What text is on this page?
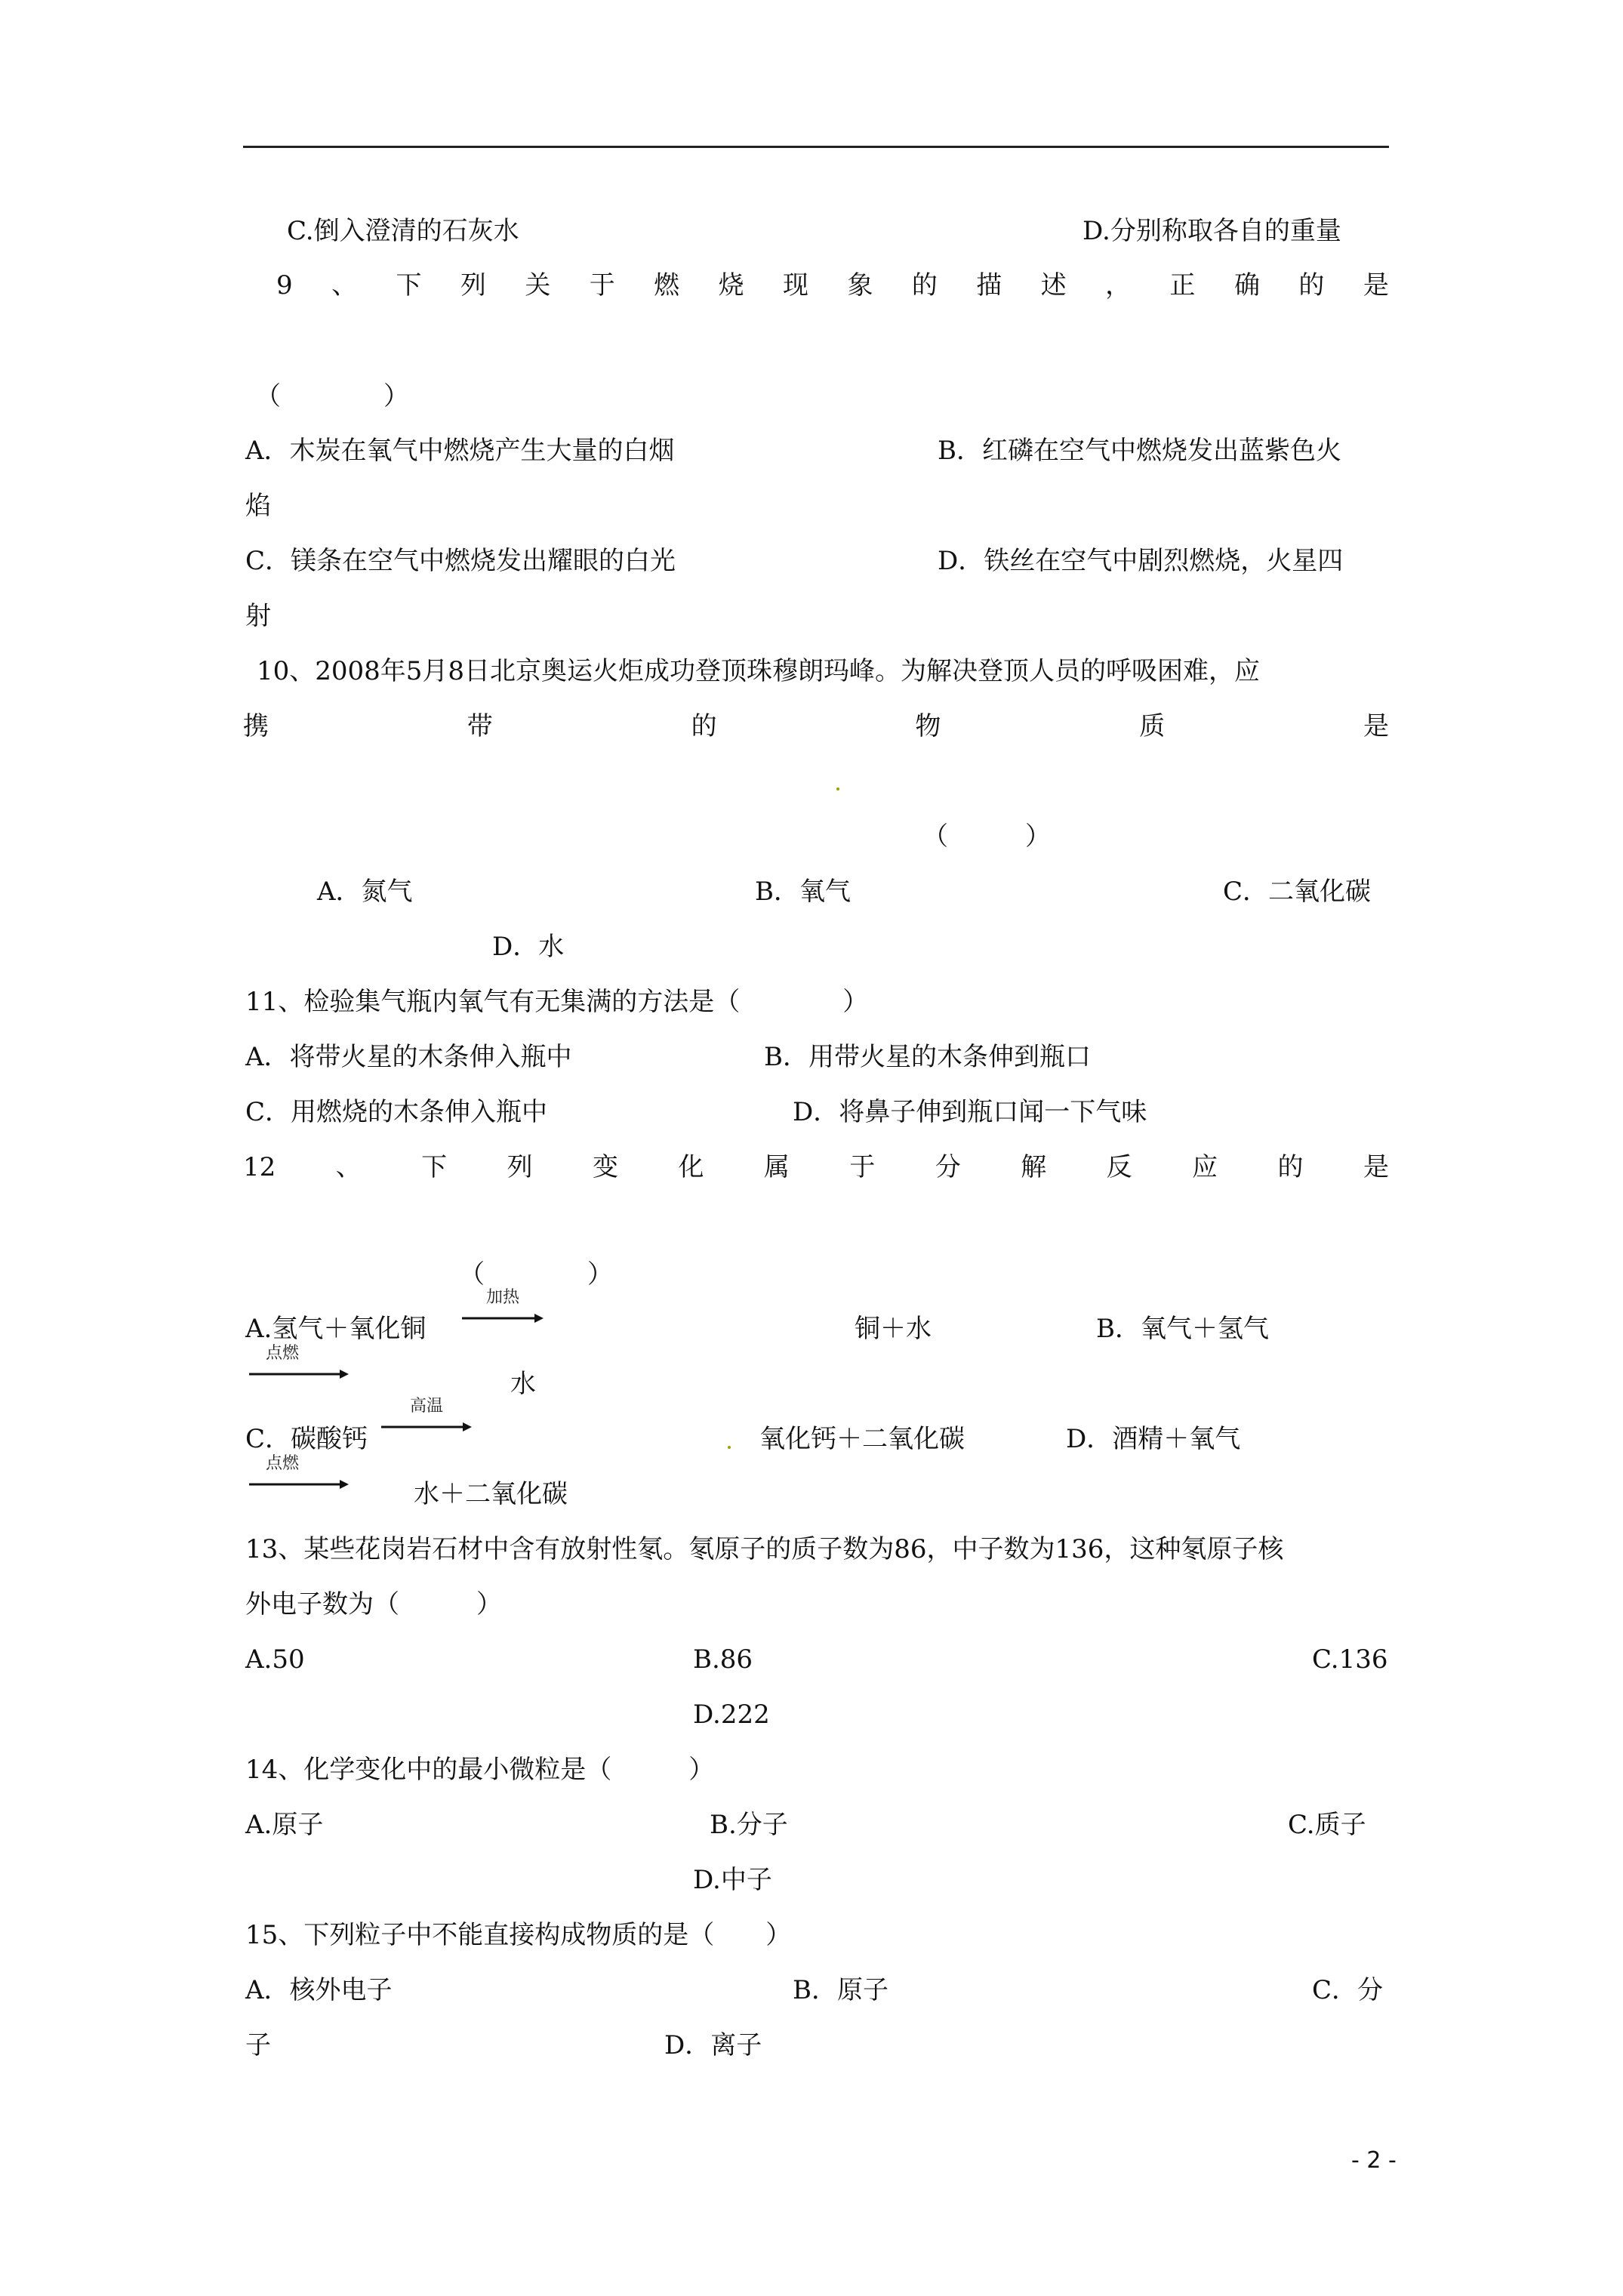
C.倒入澄清的石灰水	D.分别称取各自的重量
9 、 下 列 关 于 燃 烧 现 象 的 描 述 ， 正 确 的 是
（　　　　）
A．木炭在氧气中燃烧产生大量的白烟	B．红磷在空气中燃烧发出蓝紫色火
焰
C．镁条在空气中燃烧发出耀眼的白光	D．铁丝在空气中剧烈燃烧，火星四
射
10、2008年5月8日北京奥运火炬成功登顶珠穆朗玛峰。为解决登顶人员的呼吸困难，应
携	带	的	物	质	是
（　　　）
A．氮气	B．氧气	C．二氧化碳
D．水
11、检验集气瓶内氧气有无集满的方法是（　　　　）
A．将带火星的木条伸入瓶中	B．用带火星的木条伸到瓶口
C．用燃烧的木条伸入瓶中	D．将鼻子伸到瓶口闻一下气味
12 、 下 列 变 化 属 于 分 解 反 应 的 是
（　　　　）
A.氢气＋氧化铜
加热
铜＋水	B．氧气＋氢气
点燃
水
C．碳酸钙
高温
氧化钙＋二氧化碳	D．酒精＋氧气
点燃
水＋二氧化碳
13、某些花岗岩石材中含有放射性氡。氡原子的质子数为86，中子数为136，这种氡原子核
外电子数为（　　　）
A.50	B.86	C.136
D.222
14、化学变化中的最小微粒是（　　　）
A.原子	B.分子	C.质子
D.中子
15、下列粒子中不能直接构成物质的是（　　）
A．核外电子	B．原子	C．分
子	D．离子
- 2 -
